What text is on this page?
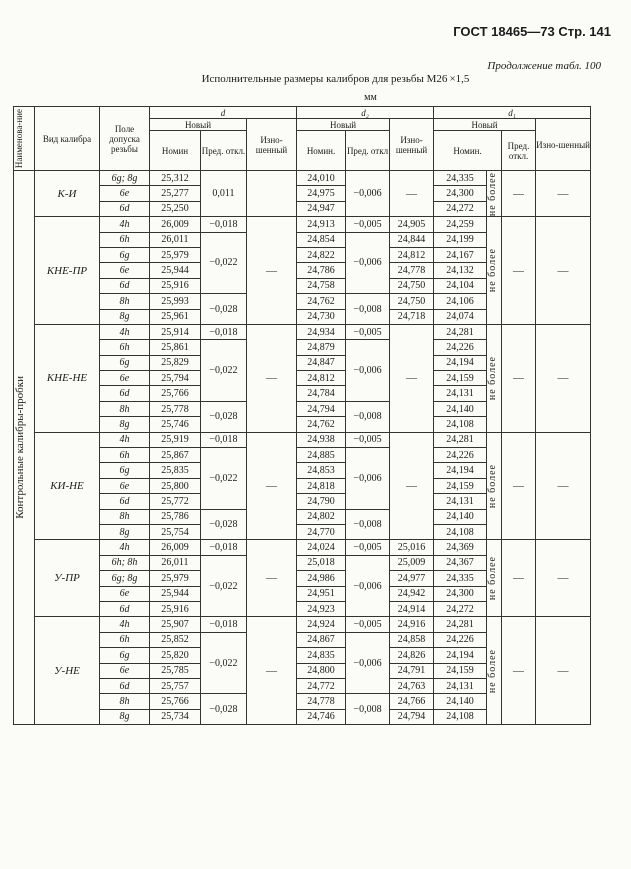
ГОСТ 18465—73 Стр. 141
Продолжение табл. 100
Исполнительные размеры калибров для резьбы М26 ×1,5
мм
Наименова-ние	Вид калибра	Поле допуска резьбы	d			d₂			d₁			
			Новый		Изно-шенный	Новый		Изно-шенный	Новый			Изно-шенный
			Номин	Пред. откл.		Номин.	Пред. откл		Номин.		Пред. откл.	

Контрольные калибры-пробки	К-И	6g; 8g	25,312	0,011		24,010	−0,006	—	24,335	не более	—	—
		6e	25,277			24,975			24,300			
		6d	25,250			24,947			24,272			
	КНЕ-ПР	4h	26,009	−0,018	—	24,913	−0,005	24,905	24,259	не более	—	—
		6h	26,011	−0,022		24,854	−0,006	24,844	24,199			
		6g	25,979			24,822		24,812	24,167			
		6e	25,944			24,786		24,778	24,132			
		6d	25,916			24,758		24,750	24,104			
		8h	25,993	−0,028		24,762	−0,008	24,750	24,106			
		8g	25,961			24,730		24,718	24,074			
	КНЕ-НЕ	4h	25,914	−0,018	—	24,934	−0,005	—	24,281	не более	—	—
		6h	25,861	−0,022		24,879	−0,006		24,226			
		6g	25,829			24,847			24,194			
		6e	25,794			24,812			24,159			
		6d	25,766			24,784			24,131			
		8h	25,778	−0,028		24,794	−0,008		24,140			
		8g	25,746			24,762			24,108			
	КИ-НЕ	4h	25,919	−0,018	—	24,938	−0,005	—	24,281	не более	—	—
		6h	25,867	−0,022		24,885	−0,006		24,226			
		6g	25,835			24,853			24,194			
		6e	25,800			24,818			24,159			
		6d	25,772			24,790			24,131			
		8h	25,786	−0,028		24,802	−0,008		24,140			
		8g	25,754			24,770			24,108			
	У-ПР	4h	26,009	−0,018	—	24,024	−0,005	25,016	24,369	не более	—	—
		6h; 8h	26,011	−0,022		25,018	−0,006	25,009	24,367			
		6g; 8g	25,979			24,986		24,977	24,335			
		6e	25,944			24,951		24,942	24,300			
		6d	25,916			24,923		24,914	24,272			
	У-НЕ	4h	25,907	−0,018	—	24,924	−0,005	24,916	24,281	не более	—	—
		6h	25,852	−0,022		24,867	−0,006	24,858	24,226			
		6g	25,820			24,835		24,826	24,194			
		6e	25,785			24,800		24,791	24,159			
		6d	25,757			24,772		24,763	24,131			
		8h	25,766	−0,028		24,778	−0,008	24,766	24,140			
		8g	25,734			24,746		24,794	24,108			
